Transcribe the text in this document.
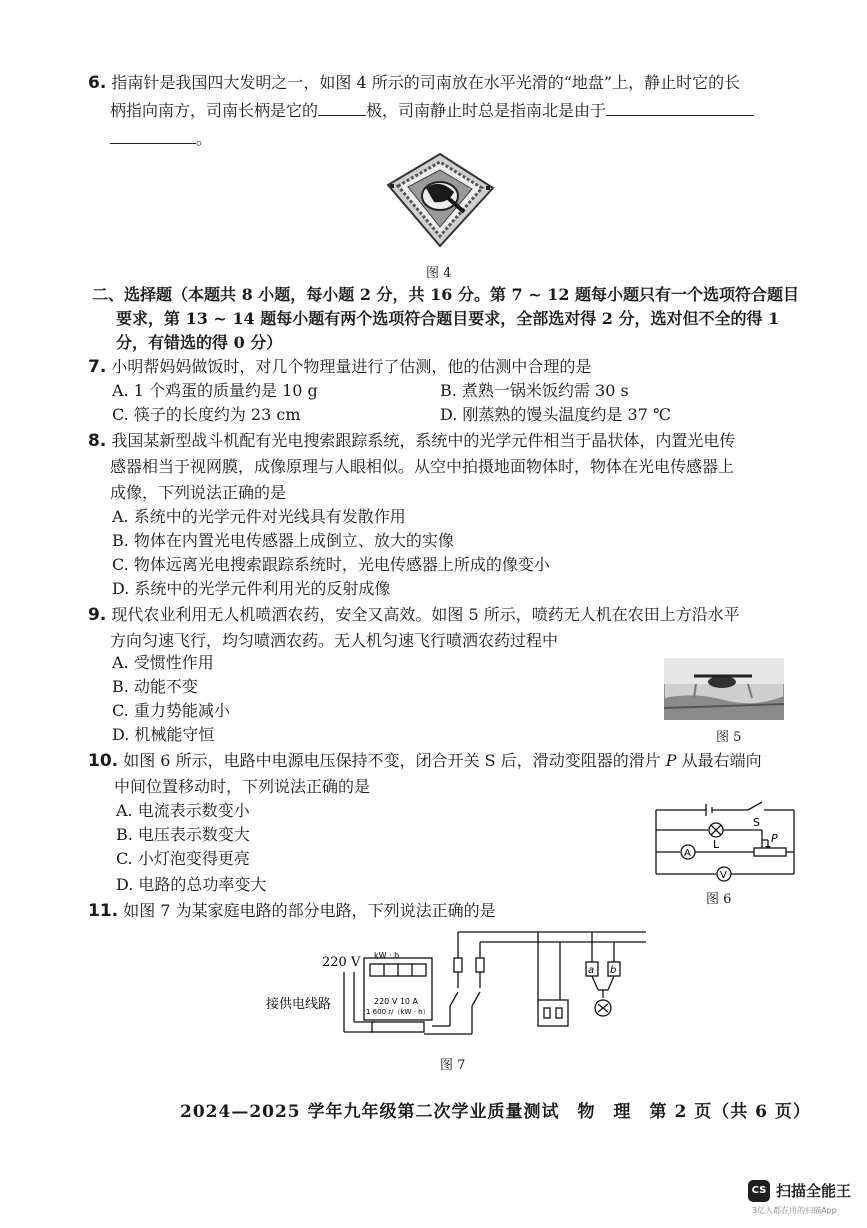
6. 指南针是我国四大发明之一，如图 4 所示的司南放在水平光滑的“地盘”上，静止时它的长
柄指向南方，司南长柄是它的	极，司南静止时总是指南北是由于
。
图 4
二、选择题（本题共 8 小题，每小题 2 分，共 16 分。第 7 ~ 12 题每小题只有一个选项符合题目
要求，第 13 ~ 14 题每小题有两个选项符合题目要求，全部选对得 2 分，选对但不全的得 1
分，有错选的得 0 分）
7. 小明帮妈妈做饭时，对几个物理量进行了估测，他的估测中合理的是
A. 1 个鸡蛋的质量约是 10 g	B. 煮熟一锅米饭约需 30 s
C. 筷子的长度约为 23 cm	D. 刚蒸熟的馒头温度约是 37 ℃
8. 我国某新型战斗机配有光电搜索跟踪系统，系统中的光学元件相当于晶状体，内置光电传
感器相当于视网膜，成像原理与人眼相似。从空中拍摄地面物体时，物体在光电传感器上
成像，下列说法正确的是
A. 系统中的光学元件对光线具有发散作用
B. 物体在内置光电传感器上成倒立、放大的实像
C. 物体远离光电搜索跟踪系统时，光电传感器上所成的像变小
D. 系统中的光学元件利用光的反射成像
9. 现代农业利用无人机喷洒农药，安全又高效。如图 5 所示，喷药无人机在农田上方沿水平
方向匀速飞行，均匀喷洒农药。无人机匀速飞行喷洒农药过程中
A. 受惯性作用
B. 动能不变
C. 重力势能减小
D. 机械能守恒	图 5
10. 如图 6 所示，电路中电源电压保持不变，闭合开关 S 后，滑动变阻器的滑片 P 从最右端向
中间位置移动时，下列说法正确的是
A. 电流表示数变小
B. 电压表示数变大
C. 小灯泡变得更亮
D. 电路的总功率变大
S
L	P
A
V
图 6
11. 如图 7 为某家庭电路的部分电路，下列说法正确的是
220 V
接供电线路
kW · h
220 V 10 A
1 600 r/（kW · h）
a b
图 7
2024—2025 学年九年级第二次学业质量测试　物　理　第 2 页（共 6 页）
CS 扫描全能王
3亿人都在用的扫描App
